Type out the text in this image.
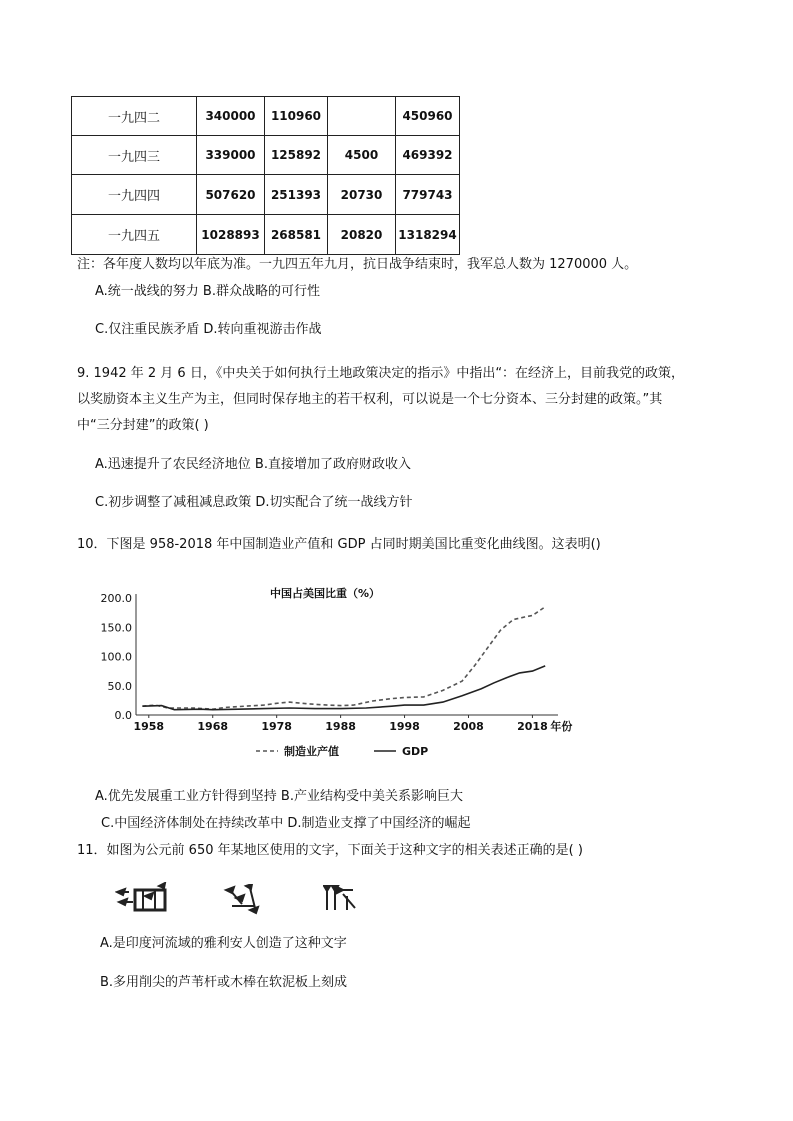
一九四二	340000	110960		450960
一九四三	339000	125892	4500	469392
一九四四	507620	251393	20730	779743
一九四五	1028893	268581	20820	1318294
注：各年度人数均以年底为准。一九四五年九月，抗日战争结束时，我军总人数为 1270000 人。
A.统一战线的努力 B.群众战略的可行性
C.仅注重民族矛盾 D.转向重视游击作战
9. 1942 年 2 月 6 日，《中央关于如何执行土地政策决定的指示》中指出“：在经济上，目前我党的政策，
以奖励资本主义生产为主，但同时保存地主的若干权利，可以说是一个七分资本、三分封建的政策。”其
中“三分封建”的政策( )
A.迅速提升了农民经济地位 B.直接增加了政府财政收入
C.初步调整了减租减息政策 D.切实配合了统一战线方针
10．下图是 958-2018 年中国制造业产值和 GDP 占同时期美国比重变化曲线图。这表明()
0.0
50.0
100.0
150.0
200.0
1958	1968	1978	1988	1998	2008	2018 年份
中国占美国比重（%）
制造业产值	GDP
A.优先发展重工业方针得到坚持 B.产业结构受中美关系影响巨大
C.中国经济体制处在持续改革中 D.制造业支撑了中国经济的崛起
11．如图为公元前 650 年某地区使用的文字，下面关于这种文字的相关表述正确的是( )
A.是印度河流域的雅利安人创造了这种文字
B.多用削尖的芦苇杆或木棒在软泥板上刻成
